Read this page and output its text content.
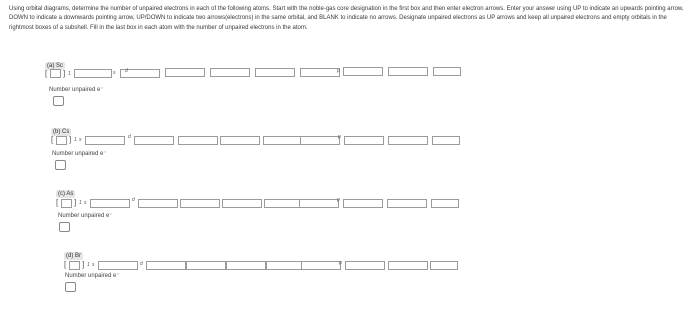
Using orbital diagrams, determine the number of unpaired electrons in each of the following atoms. Start with the noble-gas core designation in the first box and then enter electron arrows. Enter your answer using UP to indicate an upwards pointing arrow, DOWN to indicate a downwards pointing arrow, UP/DOWN to indicate two arrows(electrons) in the same orbital, and BLANK to indicate no arrows. Designate unpaired electrons as UP arrows and keep all unpaired electrons and empty orbitals in the rightmost boxes of a subshell. Fill in the last box in each atom with the number of unpaired electrons in the atom.
(a) Sc
[ ] 1	s d	p
Number unpaired e⁻
(b) Cs
[ ] 1 s	d	p
Number unpaired e⁻
(c) As
[ ] 1 s	d	p
Number unpaired e⁻
(d) Br
[ ] 1 s	d	p
Number unpaired e⁻
